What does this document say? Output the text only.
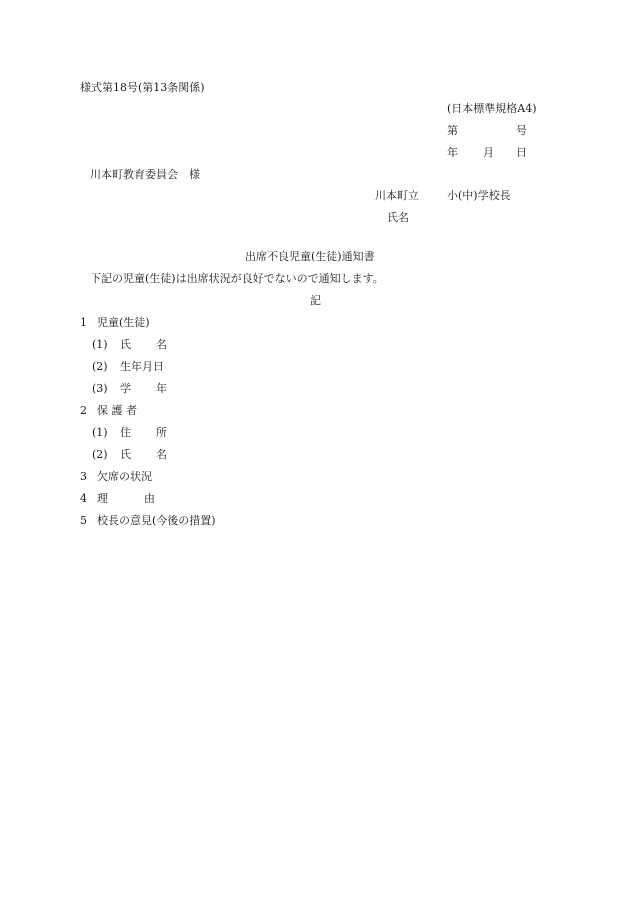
様式第18号(第13条関係)
(日本標準規格A4)
第	号
年 月 日
川本町教育委員会　様
川本町立	小(中)学校長
氏名
出席不良児童(生徒)通知書
下記の児童(生徒)は出席状況が良好でないので通知します。
記
1 児童(生徒)
(1) 氏 名
(2) 生年月日
(3) 学 年
2 保 護 者
(1) 住 所
(2) 氏 名
3 欠席の状況
4 理	由
5 校長の意見(今後の措置)
